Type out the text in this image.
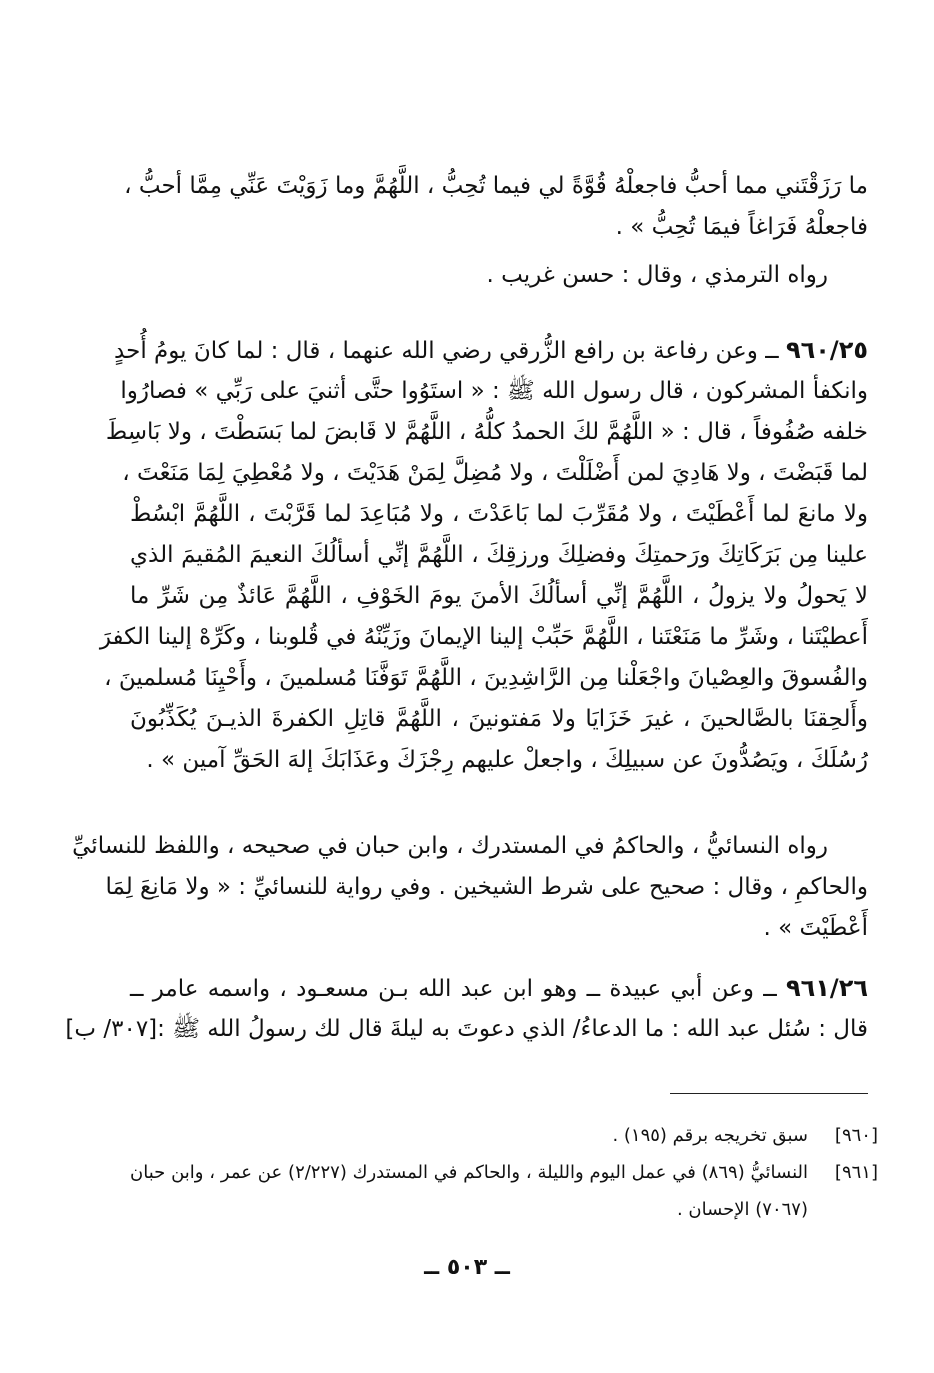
ما رَزَقْتَني مما أحبُّ فاجعلْهُ قُوَّةً لي فيما تُحِبُّ ، اللَّهُمَّ وما زَوَيْتَ عَنِّي مِمَّا أحبُّ ،
فاجعلْهُ فَرَاغاً فيمَا تُحِبُّ » .
رواه الترمذي ، وقال : حسن غريب .
٩٦٠/٢٥ ــ وعن رفاعة بن رافع الزُّرقي رضي الله عنهما ، قال : لما كانَ يومُ أُحدٍ
وانكفأ المشركون ، قال رسول الله ﷺ : « استَوُوا حتَّى أثنيَ على رَبِّي » فصارُوا
خلفه صُفُوفاً ، قال : « اللَّهُمَّ لكَ الحمدُ كلُّهُ ، اللَّهُمَّ لا قَابضَ لما بَسَطْتَ ، ولا بَاسِطَ
لما قَبَضْتَ ، ولا هَادِيَ لمن أَضْلَلْتَ ، ولا مُضِلَّ لِمَنْ هَدَيْتَ ، ولا مُعْطِيَ لِمَا مَنَعْتَ ،
ولا مانعَ لما أَعْطَيْتَ ، ولا مُقَرِّبَ لما بَاعَدْتَ ، ولا مُبَاعِدَ لما قَرَّبْتَ ، اللَّهُمَّ ابْسُطْ
علينا مِن بَرَكَاتِكَ ورَحمتِكَ وفضلِكَ ورزقِكَ ، اللَّهُمَّ إنِّي أسألُكَ النعيمَ المُقيمَ الذي
لا يَحولُ ولا يزولُ ، اللَّهُمَّ إنِّي أسألُكَ الأمنَ يومَ الخَوْفِ ، اللَّهُمَّ عَائذٌ مِن شَرِّ ما
أَعطيْتَنا ، وشَرِّ ما مَنَعْتَنا ، اللَّهُمَّ حَبِّبْ إلينا الإيمانَ وزَيِّنْهُ في قُلوبنا ، وكَرِّهْ إلينا الكفرَ
والفُسوقَ والعِصْيانَ واجْعَلْنا مِن الرَّاشِدِينَ ، اللَّهُمَّ تَوَفَّنَا مُسلمينَ ، وأَحْيِنَا مُسلمينَ ،
وأَلحِقنَا بالصَّالحينَ ، غيرَ خَزَايَا ولا مَفتونينَ ، اللَّهُمَّ قاتِلِ الكفرةَ الذيـنَ يُكَذِّبُونَ
رُسُلَكَ ، ويَصُدُّونَ عن سبيلِكَ ، واجعلْ عليهم رِجْزَكَ وعَذَابَكَ إلهَ الحَقِّ آمين » .
رواه النسائيُّ ، والحاكمُ في المستدرك ، وابن حبان في صحيحه ، واللفظ للنسائيِّ
والحاكمِ ، وقال : صحيح على شرط الشيخين . وفي رواية للنسائيِّ : « ولا مَانِعَ لِمَا
أَعْطَيْتَ » .
٩٦١/٢٦ ــ وعن أبي عبيدة ــ وهو ابن عبد الله بـن مسعـود ، واسمه عامر ــ
قال : سُئل عبد الله : ما الدعاءُ/ الذي دعوتَ به ليلةَ قال لك رسولُ الله ﷺ :[٣٠٧/ ب]
[٩٦٠]
سبق تخريجه برقم (١٩٥) .
[٩٦١]
النسائيُّ (٨٦٩) في عمل اليوم والليلة ، والحاكم في المستدرك (٢/٢٢٧) عن عمر ، وابن حبان (٧٠٦٧) الإحسان .
ــ ٥٠٣ ــ
